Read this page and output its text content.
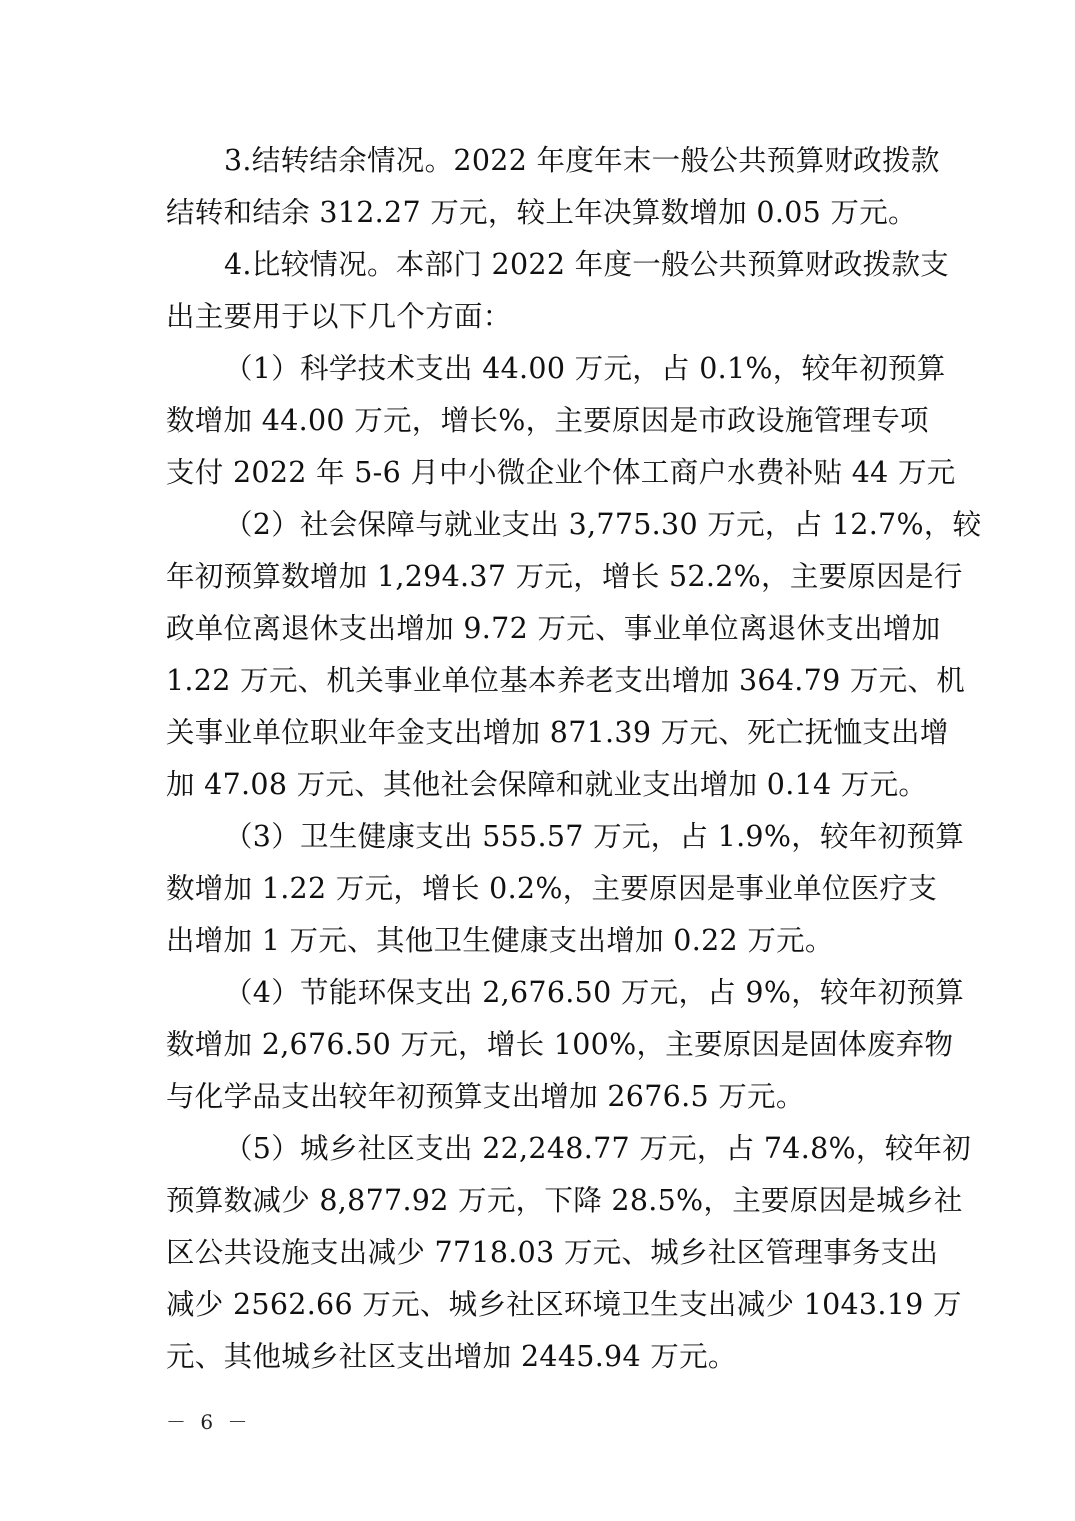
3.结转结余情况。2022 年度年末一般公共预算财政拨款
结转和结余 312.27 万元，较上年决算数增加 0.05 万元。
4.比较情况。本部门 2022 年度一般公共预算财政拨款支
出主要用于以下几个方面：
（1）科学技术支出 44.00 万元，占 0.1%，较年初预算
数增加 44.00 万元，增长%，主要原因是市政设施管理专项
支付 2022 年 5-6 月中小微企业个体工商户水费补贴 44 万元
（2）社会保障与就业支出 3,775.30 万元，占 12.7%，较
年初预算数增加 1,294.37 万元，增长 52.2%，主要原因是行
政单位离退休支出增加 9.72 万元、事业单位离退休支出增加
1.22 万元、机关事业单位基本养老支出增加 364.79 万元、机
关事业单位职业年金支出增加 871.39 万元、死亡抚恤支出增
加 47.08 万元、其他社会保障和就业支出增加 0.14 万元。
（3）卫生健康支出 555.57 万元，占 1.9%，较年初预算
数增加 1.22 万元，增长 0.2%，主要原因是事业单位医疗支
出增加 1 万元、其他卫生健康支出增加 0.22 万元。
（4）节能环保支出 2,676.50 万元，占 9%，较年初预算
数增加 2,676.50 万元，增长 100%，主要原因是固体废弃物
与化学品支出较年初预算支出增加 2676.5 万元。
（5）城乡社区支出 22,248.77 万元，占 74.8%，较年初
预算数减少 8,877.92 万元，下降 28.5%，主要原因是城乡社
区公共设施支出减少 7718.03 万元、城乡社区管理事务支出
减少 2562.66 万元、城乡社区环境卫生支出减少 1043.19 万
元、其他城乡社区支出增加 2445.94 万元。
－ 6 －
